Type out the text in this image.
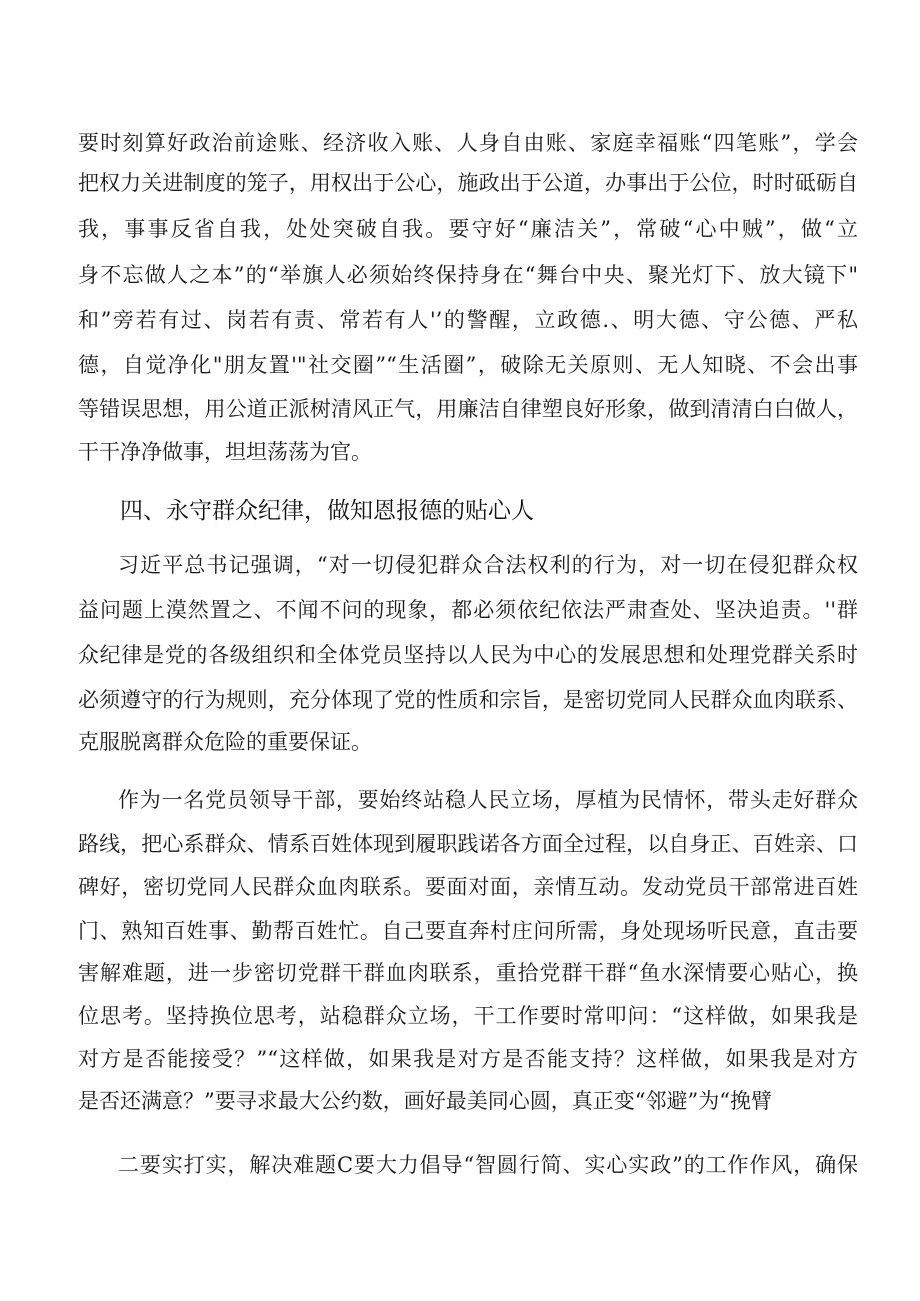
要时刻算好政治前途账、经济收入账、人身自由账、家庭幸福账“四笔账”，学会
把权力关进制度的笼子，用权出于公心，施政出于公道，办事出于公位，时时砥砺自
我，事事反省自我，处处突破自我。要守好“廉洁关”，常破“心中贼”，做“立
身不忘做人之本”的“举旗人必须始终保持身在“舞台中央、聚光灯下、放大镜下"
和”旁若有过、岗若有责、常若有人'’的警醒，立政德.、明大德、守公德、严私
德，自觉净化"朋友置'"社交圈”“生活圈”，破除无关原则、无人知晓、不会出事
等错误思想，用公道正派树清风正气，用廉洁自律塑良好形象，做到清清白白做人，
干干净净做事，坦坦荡荡为官。
四、永守群众纪律，做知恩报德的贴心人
习近平总书记强调，“对一切侵犯群众合法权利的行为，对一切在侵犯群众权
益问题上漠然置之、不闻不问的现象，都必须依纪依法严肃查处、坚决追责。''群
众纪律是党的各级组织和全体党员坚持以人民为中心的发展思想和处理党群关系时
必须遵守的行为规则，充分体现了党的性质和宗旨，是密切党同人民群众血肉联系、
克服脱离群众危险的重要保证。
作为一名党员领导干部，要始终站稳人民立场，厚植为民情怀，带头走好群众
路线，把心系群众、情系百姓体现到履职践诺各方面全过程，以自身正、百姓亲、口
碑好，密切党同人民群众血肉联系。要面对面，亲情互动。发动党员干部常进百姓
门、熟知百姓事、勤帮百姓忙。自己要直奔村庄问所需，身处现场听民意，直击要
害解难题，进一步密切党群干群血肉联系，重拾党群干群“鱼水深情要心贴心，换
位思考。坚持换位思考，站稳群众立场，干工作要时常叩问：“这样做，如果我是
对方是否能接受？”“这样做，如果我是对方是否能支持？这样做，如果我是对方
是否还满意？”要寻求最大公约数，画好最美同心圆，真正变“邻避”为“挽臂
二要实打实，解决难题C要大力倡导“智圆行简、实心实政”的工作作风，确保
